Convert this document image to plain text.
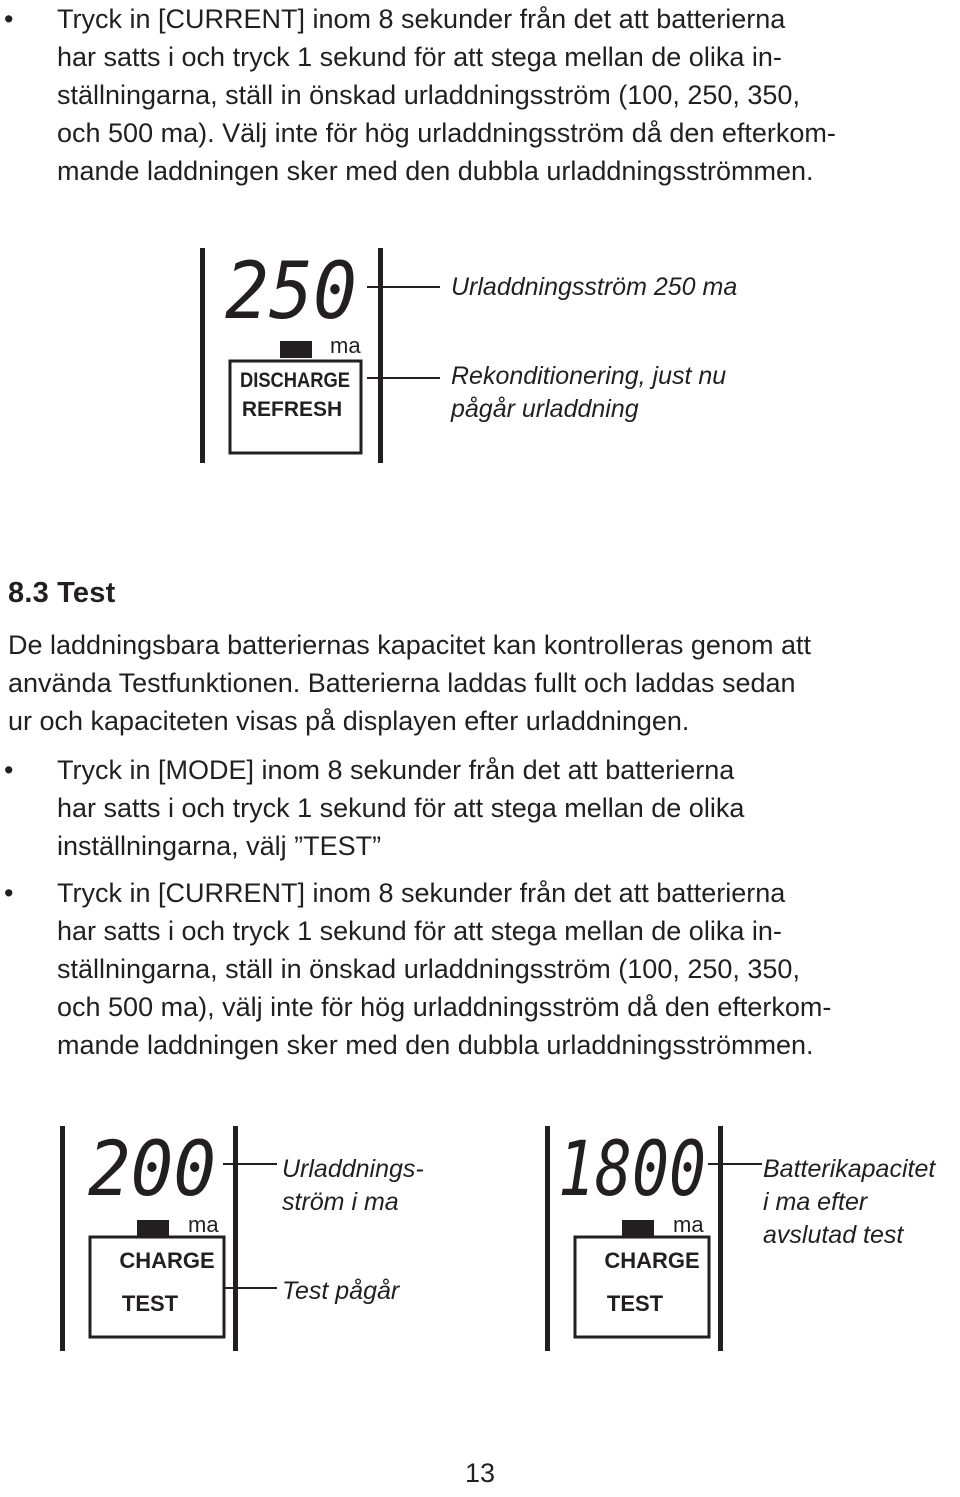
•	Tryck in [CURRENT] inom 8 sekunder från det att batterierna
har satts i och tryck 1 sekund för att stega mellan de olika in-
ställningarna, ställ in önskad urladdningsström (100, 250, 350,
och 500 ma). Välj inte för hög urladdningsström då den efterkom-
mande laddningen sker med den dubbla urladdningsströmmen.
250
ma
DISCHARGE
REFRESH
Urladdningsström 250 ma
Rekonditionering, just nu
pågår urladdning
8.3 Test
De laddningsbara batteriernas kapacitet kan kontrolleras genom att
använda Testfunktionen. Batterierna laddas fullt och laddas sedan
ur och kapaciteten visas på displayen efter urladdningen.
•	Tryck in [MODE] inom 8 sekunder från det att batterierna
har satts i och tryck 1 sekund för att stega mellan de olika
inställningarna, välj ”TEST”
•	Tryck in [CURRENT] inom 8 sekunder från det att batterierna
har satts i och tryck 1 sekund för att stega mellan de olika in-
ställningarna, ställ in önskad urladdningsström (100, 250, 350,
och 500 ma), välj inte för hög urladdningsström då den efterkom-
mande laddningen sker med den dubbla urladdningsströmmen.
200
ma
CHARGE
TEST
Urladdnings-
ström i ma
Test pågår
1800
ma
CHARGE
TEST
Batterikapacitet
i ma efter
avslutad test
13
